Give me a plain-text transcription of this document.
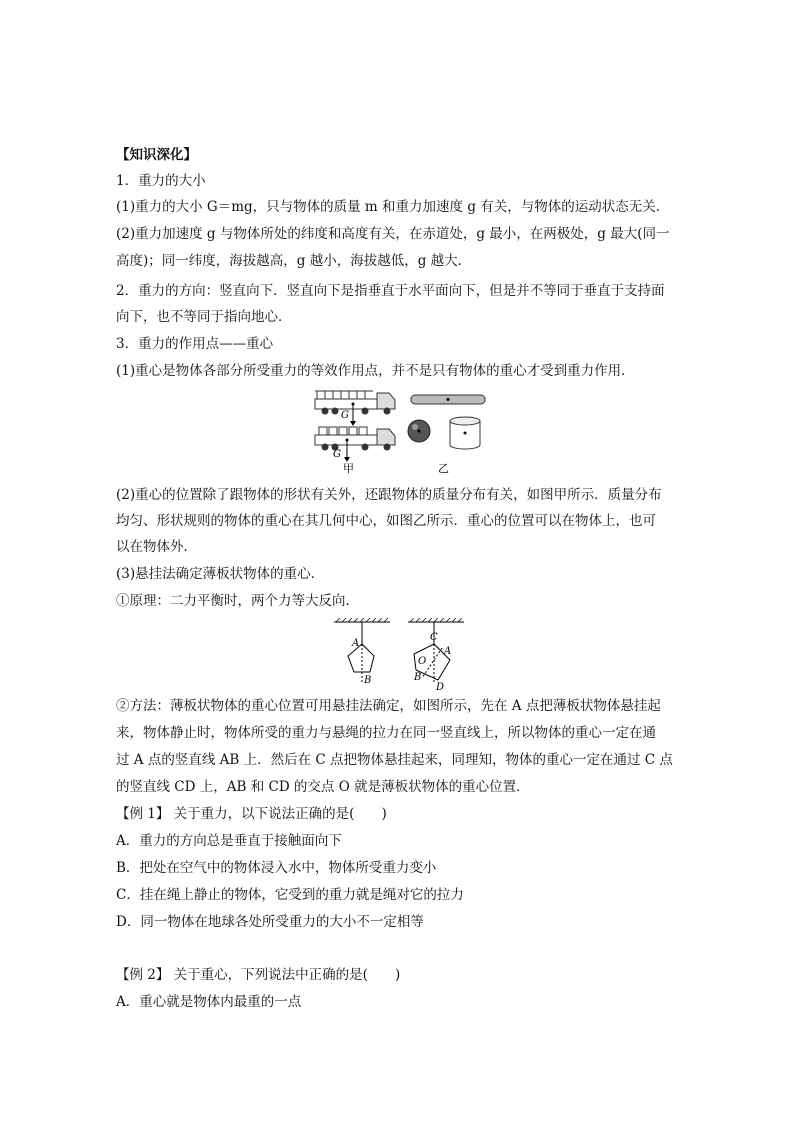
【知识深化】
1．重力的大小
(1)重力的大小 G＝mg，只与物体的质量 m 和重力加速度 g 有关，与物体的运动状态无关．
(2)重力加速度 g 与物体所处的纬度和高度有关，在赤道处，g 最小，在两极处，g 最大(同一
高度)；同一纬度，海拔越高，g 越小，海拔越低，g 越大．
2．重力的方向：竖直向下．竖直向下是指垂直于水平面向下，但是并不等同于垂直于支持面
向下，也不等同于指向地心．
3．重力的作用点——重心
(1)重心是物体各部分所受重力的等效作用点，并不是只有物体的重心才受到重力作用．
G
G
甲	乙
(2)重心的位置除了跟物体的形状有关外，还跟物体的质量分布有关，如图甲所示．质量分布
均匀、形状规则的物体的重心在其几何中心，如图乙所示．重心的位置可以在物体上，也可
以在物体外．
(3)悬挂法确定薄板状物体的重心．
①原理：二力平衡时，两个力等大反向．
A
B
C
O
A
B
D
②方法：薄板状物体的重心位置可用悬挂法确定，如图所示，先在 A 点把薄板状物体悬挂起
来，物体静止时，物体所受的重力与悬绳的拉力在同一竖直线上，所以物体的重心一定在通
过 A 点的竖直线 AB 上．然后在 C 点把物体悬挂起来，同理知，物体的重心一定在通过 C 点
的竖直线 CD 上，AB 和 CD 的交点 O 就是薄板状物体的重心位置．
【例 1】 关于重力，以下说法正确的是(　　)
A．重力的方向总是垂直于接触面向下
B．把处在空气中的物体浸入水中，物体所受重力变小
C．挂在绳上静止的物体，它受到的重力就是绳对它的拉力
D．同一物体在地球各处所受重力的大小不一定相等
【例 2】 关于重心，下列说法中正确的是(　　)
A．重心就是物体内最重的一点
